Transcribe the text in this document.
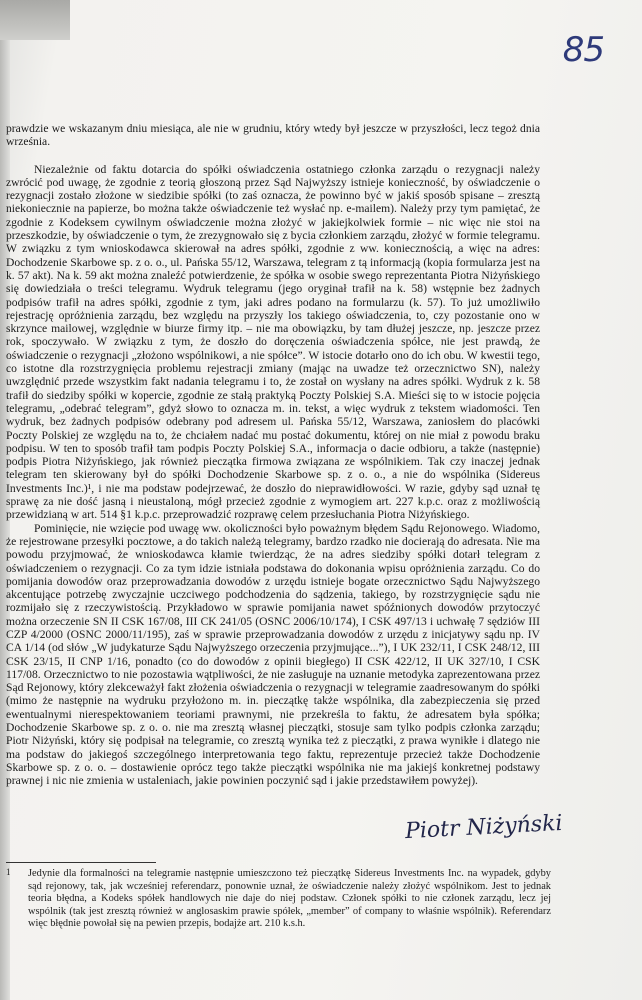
85

prawdzie we wskazanym dniu miesiąca, ale nie w grudniu, który wtedy był jeszcze w przyszłości, lecz tegoż dnia września.

Niezależnie od faktu dotarcia do spółki oświadczenia ostatniego członka zarządu o rezygnacji należy zwrócić pod uwagę, że zgodnie z teorią głoszoną przez Sąd Najwyższy istnieje konieczność, by oświadczenie o rezygnacji zostało złożone w siedzibie spółki (to zaś oznacza, że powinno być w jakiś sposób spisane – zresztą niekoniecznie na papierze, bo można także oświadczenie też wysłać np. e-mailem). Należy przy tym pamiętać, że zgodnie z Kodeksem cywilnym oświadczenie można złożyć w jakiejkolwiek formie – nic więc nie stoi na przeszkodzie, by oświadczenie o tym, że zrezygnowało się z bycia członkiem zarządu, złożyć w formie telegramu. W związku z tym wnioskodawca skierował na adres spółki, zgodnie z ww. koniecznością, a więc na adres: Dochodzenie Skarbowe sp. z o. o., ul. Pańska 55/12, Warszawa, telegram z tą informacją (kopia formularza jest na k. 57 akt). Na k. 59 akt można znaleźć potwierdzenie, że spółka w osobie swego reprezentanta Piotra Niżyńskiego się dowiedziała o treści telegramu. Wydruk telegramu (jego oryginał trafił na k. 58) wstępnie bez żadnych podpisów trafił na adres spółki, zgodnie z tym, jaki adres podano na formularzu (k. 57). To już umożliwiło rejestrację opróżnienia zarządu, bez względu na przyszły los takiego oświadczenia, to, czy pozostanie ono w skrzynce mailowej, względnie w biurze firmy itp. – nie ma obowiązku, by tam dłużej jeszcze, np. jeszcze przez rok, spoczywało. W związku z tym, że doszło do doręczenia oświadczenia spółce, nie jest prawdą, że oświadczenie o rezygnacji „złożono wspólnikowi, a nie spółce”. W istocie dotarło ono do ich obu. W kwestii tego, co istotne dla rozstrzygnięcia problemu rejestracji zmiany (mając na uwadze też orzecznictwo SN), należy uwzględnić przede wszystkim fakt nadania telegramu i to, że został on wysłany na adres spółki. Wydruk z k. 58 trafił do siedziby spółki w kopercie, zgodnie ze stałą praktyką Poczty Polskiej S.A. Mieści się to w istocie pojęcia telegramu, „odebrać telegram”, gdyż słowo to oznacza m. in. tekst, a więc wydruk z tekstem wiadomości. Ten wydruk, bez żadnych podpisów odebrany pod adresem ul. Pańska 55/12, Warszawa, zaniosłem do placówki Poczty Polskiej ze względu na to, że chciałem nadać mu postać dokumentu, której on nie miał z powodu braku podpisu. W ten to sposób trafił tam podpis Poczty Polskiej S.A., informacja o dacie odbioru, a także (następnie) podpis Piotra Niżyńskiego, jak również pieczątka firmowa związana ze wspólnikiem. Tak czy inaczej jednak telegram ten skierowany był do spółki Dochodzenie Skarbowe sp. z o. o., a nie do wspólnika (Sidereus Investments Inc.)¹, i nie ma podstaw podejrzewać, że doszło do nieprawidłowości. W razie, gdyby sąd uznał tę sprawę za nie dość jasną i nieustaloną, mógł przecież zgodnie z wymogiem art. 227 k.p.c. oraz z możliwością przewidzianą w art. 514 §1 k.p.c. przeprowadzić rozprawę celem przesłuchania Piotra Niżyńskiego.

Pominięcie, nie wzięcie pod uwagę ww. okoliczności było poważnym błędem Sądu Rejonowego. Wiadomo, że rejestrowane przesyłki pocztowe, a do takich należą telegramy, bardzo rzadko nie docierają do adresata. Nie ma powodu przyjmować, że wnioskodawca kłamie twierdząc, że na adres siedziby spółki dotarł telegram z oświadczeniem o rezygnacji. Co za tym idzie istniała podstawa do dokonania wpisu opróżnienia zarządu. Co do pomijania dowodów oraz przeprowadzania dowodów z urzędu istnieje bogate orzecznictwo Sądu Najwyższego akcentujące potrzebę zwyczajnie uczciwego podchodzenia do sądzenia, takiego, by rozstrzygnięcie sądu nie rozmijało się z rzeczywistością. Przykładowo w sprawie pomijania nawet spóźnionych dowodów przytoczyć można orzeczenie SN II CSK 167/08, III CK 241/05 (OSNC 2006/10/174), I CSK 497/13 i uchwałę 7 sędziów III CZP 4/2000 (OSNC 2000/11/195), zaś w sprawie przeprowadzania dowodów z urzędu z inicjatywy sądu np. IV CA 1/14 (od słów „W judykaturze Sądu Najwyższego orzeczenia przyjmujące...”), I UK 232/11, I CSK 248/12, III CSK 23/15, II CNP 1/16, ponadto (co do dowodów z opinii biegłego) II CSK 422/12, II UK 327/10, I CSK 117/08. Orzecznictwo to nie pozostawia wątpliwości, że nie zasługuje na uznanie metodyka zaprezentowana przez Sąd Rejonowy, który zlekceważył fakt złożenia oświadczenia o rezygnacji w telegramie zaadresowanym do spółki (mimo że następnie na wydruku przyłożono m. in. pieczątkę także wspólnika, dla zabezpieczenia się przed ewentualnymi nierespektowaniem teoriami prawnymi, nie przekreśla to faktu, że adresatem była spółka; Dochodzenie Skarbowe sp. z o. o. nie ma zresztą własnej pieczątki, stosuje sam tylko podpis członka zarządu; Piotr Niżyński, który się podpisał na telegramie, co zresztą wynika też z pieczątki, z prawa wynikłe i dlatego nie ma podstaw do jakiegoś szczególnego interpretowania tego faktu, reprezentuje przecież także Dochodzenie Skarbowe sp. z o. o. – dostawienie oprócz tego także pieczątki wspólnika nie ma jakiejś konkretnej podstawy prawnej i nic nie zmienia w ustaleniach, jakie powinien poczynić sąd i jakie przedstawiłem powyżej).

Piotr Niżyński
1 Jedynie dla formalności na telegramie następnie umieszczono też pieczątkę Sidereus Investments Inc. na wypadek, gdyby sąd rejonowy, tak, jak wcześniej referendarz, ponownie uznał, że oświadczenie należy złożyć wspólnikom. Jest to jednak teoria błędna, a Kodeks spółek handlowych nie daje do niej podstaw. Członek spółki to nie członek zarządu, lecz jej wspólnik (tak jest zresztą również w anglosaskim prawie spółek, „member” of company to właśnie wspólnik). Referendarz więc błędnie powołał się na pewien przepis, bodajże art. 210 k.s.h.
